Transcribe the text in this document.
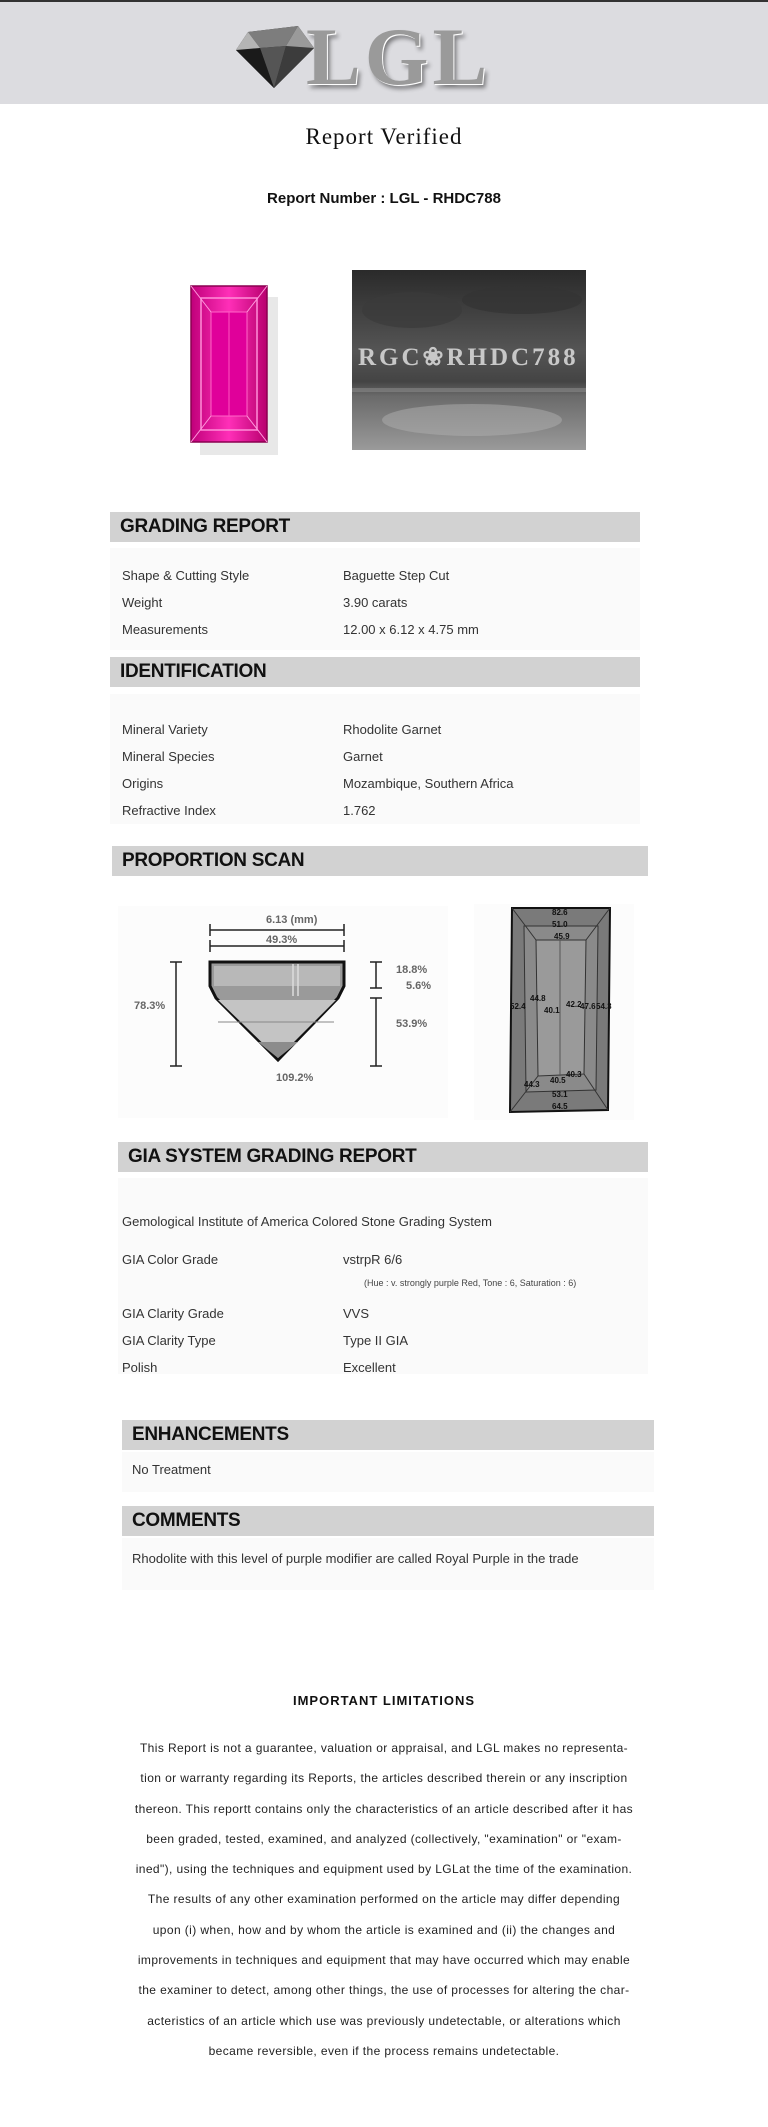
LGL
Report Verified
Report Number : LGL - RHDC788
RGC❀RHDC788
GRADING REPORT
Shape & Cutting Style	Baguette Step Cut
Weight	3.90 carats
Measurements	12.00 x 6.12 x 4.75 mm
IDENTIFICATION
Mineral Variety	Rhodolite Garnet
Mineral Species	Garnet
Origins	Mozambique, Southern Africa
Refractive Index	1.762
PROPORTION SCAN
6.13 (mm)
49.3%
78.3%
18.8%
5.6%
53.9%
109.2%
82.6
51.0
45.9
52.4
44.8
40.1
42.2
47.6 54.3
44.3 40.5
40.3
53.1
64.5
GIA SYSTEM GRADING REPORT
Gemological Institute of America Colored Stone Grading System
GIA Color Grade	vstrpR 6/6
(Hue : v. strongly purple Red, Tone : 6, Saturation : 6)
GIA Clarity Grade	VVS
GIA Clarity Type	Type II GIA
Polish	Excellent
ENHANCEMENTS
No Treatment
COMMENTS
Rhodolite with this level of purple modifier are called Royal Purple in the trade
IMPORTANT LIMITATIONS
This Report is not a guarantee, valuation or appraisal, and LGL makes no representa-
tion or warranty regarding its Reports, the articles described therein or any inscription
thereon. This reportt contains only the characteristics of an article described after it has
been graded, tested, examined, and analyzed (collectively, "examination" or "exam-
ined"), using the techniques and equipment used by LGLat the time of the examination.
The results of any other examination performed on the article may differ depending
upon (i) when, how and by whom the article is examined and (ii) the changes and
improvements in techniques and equipment that may have occurred which may enable
the examiner to detect, among other things, the use of processes for altering the char-
acteristics of an article which use was previously undetectable, or alterations which
became reversible, even if the process remains undetectable.
